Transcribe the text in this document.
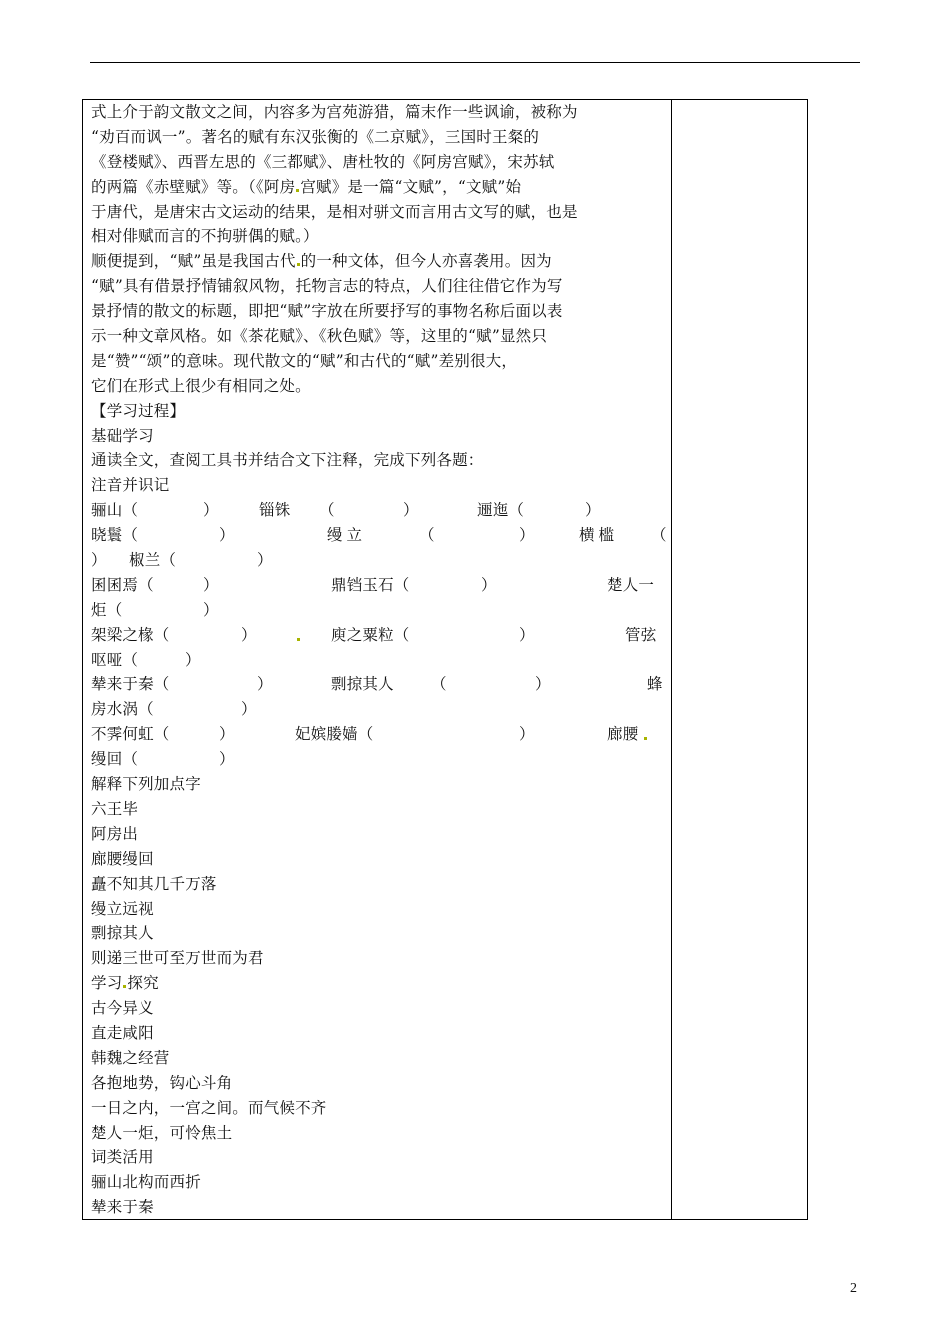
式上介于韵文散文之间，内容多为宫苑游猎，篇末作一些讽谕，被称为
“劝百而讽一”。著名的赋有东汉张衡的《二京赋》，三国时王粲的
《登楼赋》、西晋左思的《三都赋》、唐杜牧的《阿房宫赋》，宋苏轼
的两篇《赤壁赋》等。（《阿房 宫赋》是一篇“文赋”，“文赋”始
于唐代，是唐宋古文运动的结果，是相对骈文而言用古文写的赋，也是
相对俳赋而言的不拘骈偶的赋。）
顺便提到，“赋”虽是我国古代 的一种文体，但今人亦喜袭用。因为
“赋”具有借景抒情铺叙风物，托物言志的特点，人们往往借它作为写
景抒情的散文的标题，即把“赋”字放在所要抒写的事物名称后面以表
示一种文章风格。如《茶花赋》、《秋色赋》等，这里的“赋”显然只
是“赞”“颂”的意味。现代散文的“赋”和古代的“赋”差别很大，
它们在形式上很少有相同之处。
【学习过程】
基础学习
通读全文，查阅工具书并结合文下注释，完成下列各题：
注音并识记
骊山（	）	锱铢 （	）	逦迤（	）
晓鬟（	）	缦立	（	）	横槛 （
） 椒兰（	）
囷囷焉（	）	鼎铛玉石（	）	楚人一
炬（	）
架梁之椽（	）	庾之粟粒（	）	管弦
呕哑（	）
辇来于秦（	）	剽掠其人 （	）	蜂
房水涡（	）
不霁何虹（	）	妃嫔媵嫱（	）	廊腰
缦回（	）
解释下列加点字
六王毕
阿房出
廊腰缦回
矗不知其几千万落
缦立远视
剽掠其人
则递三世可至万世而为君
学习 探究
古今异义
直走咸阳
韩魏之经营
各抱地势，钩心斗角
一日之内，一宫之间。而气候不齐
楚人一炬，可怜焦土
词类活用
骊山北构而西折
辇来于秦
2
